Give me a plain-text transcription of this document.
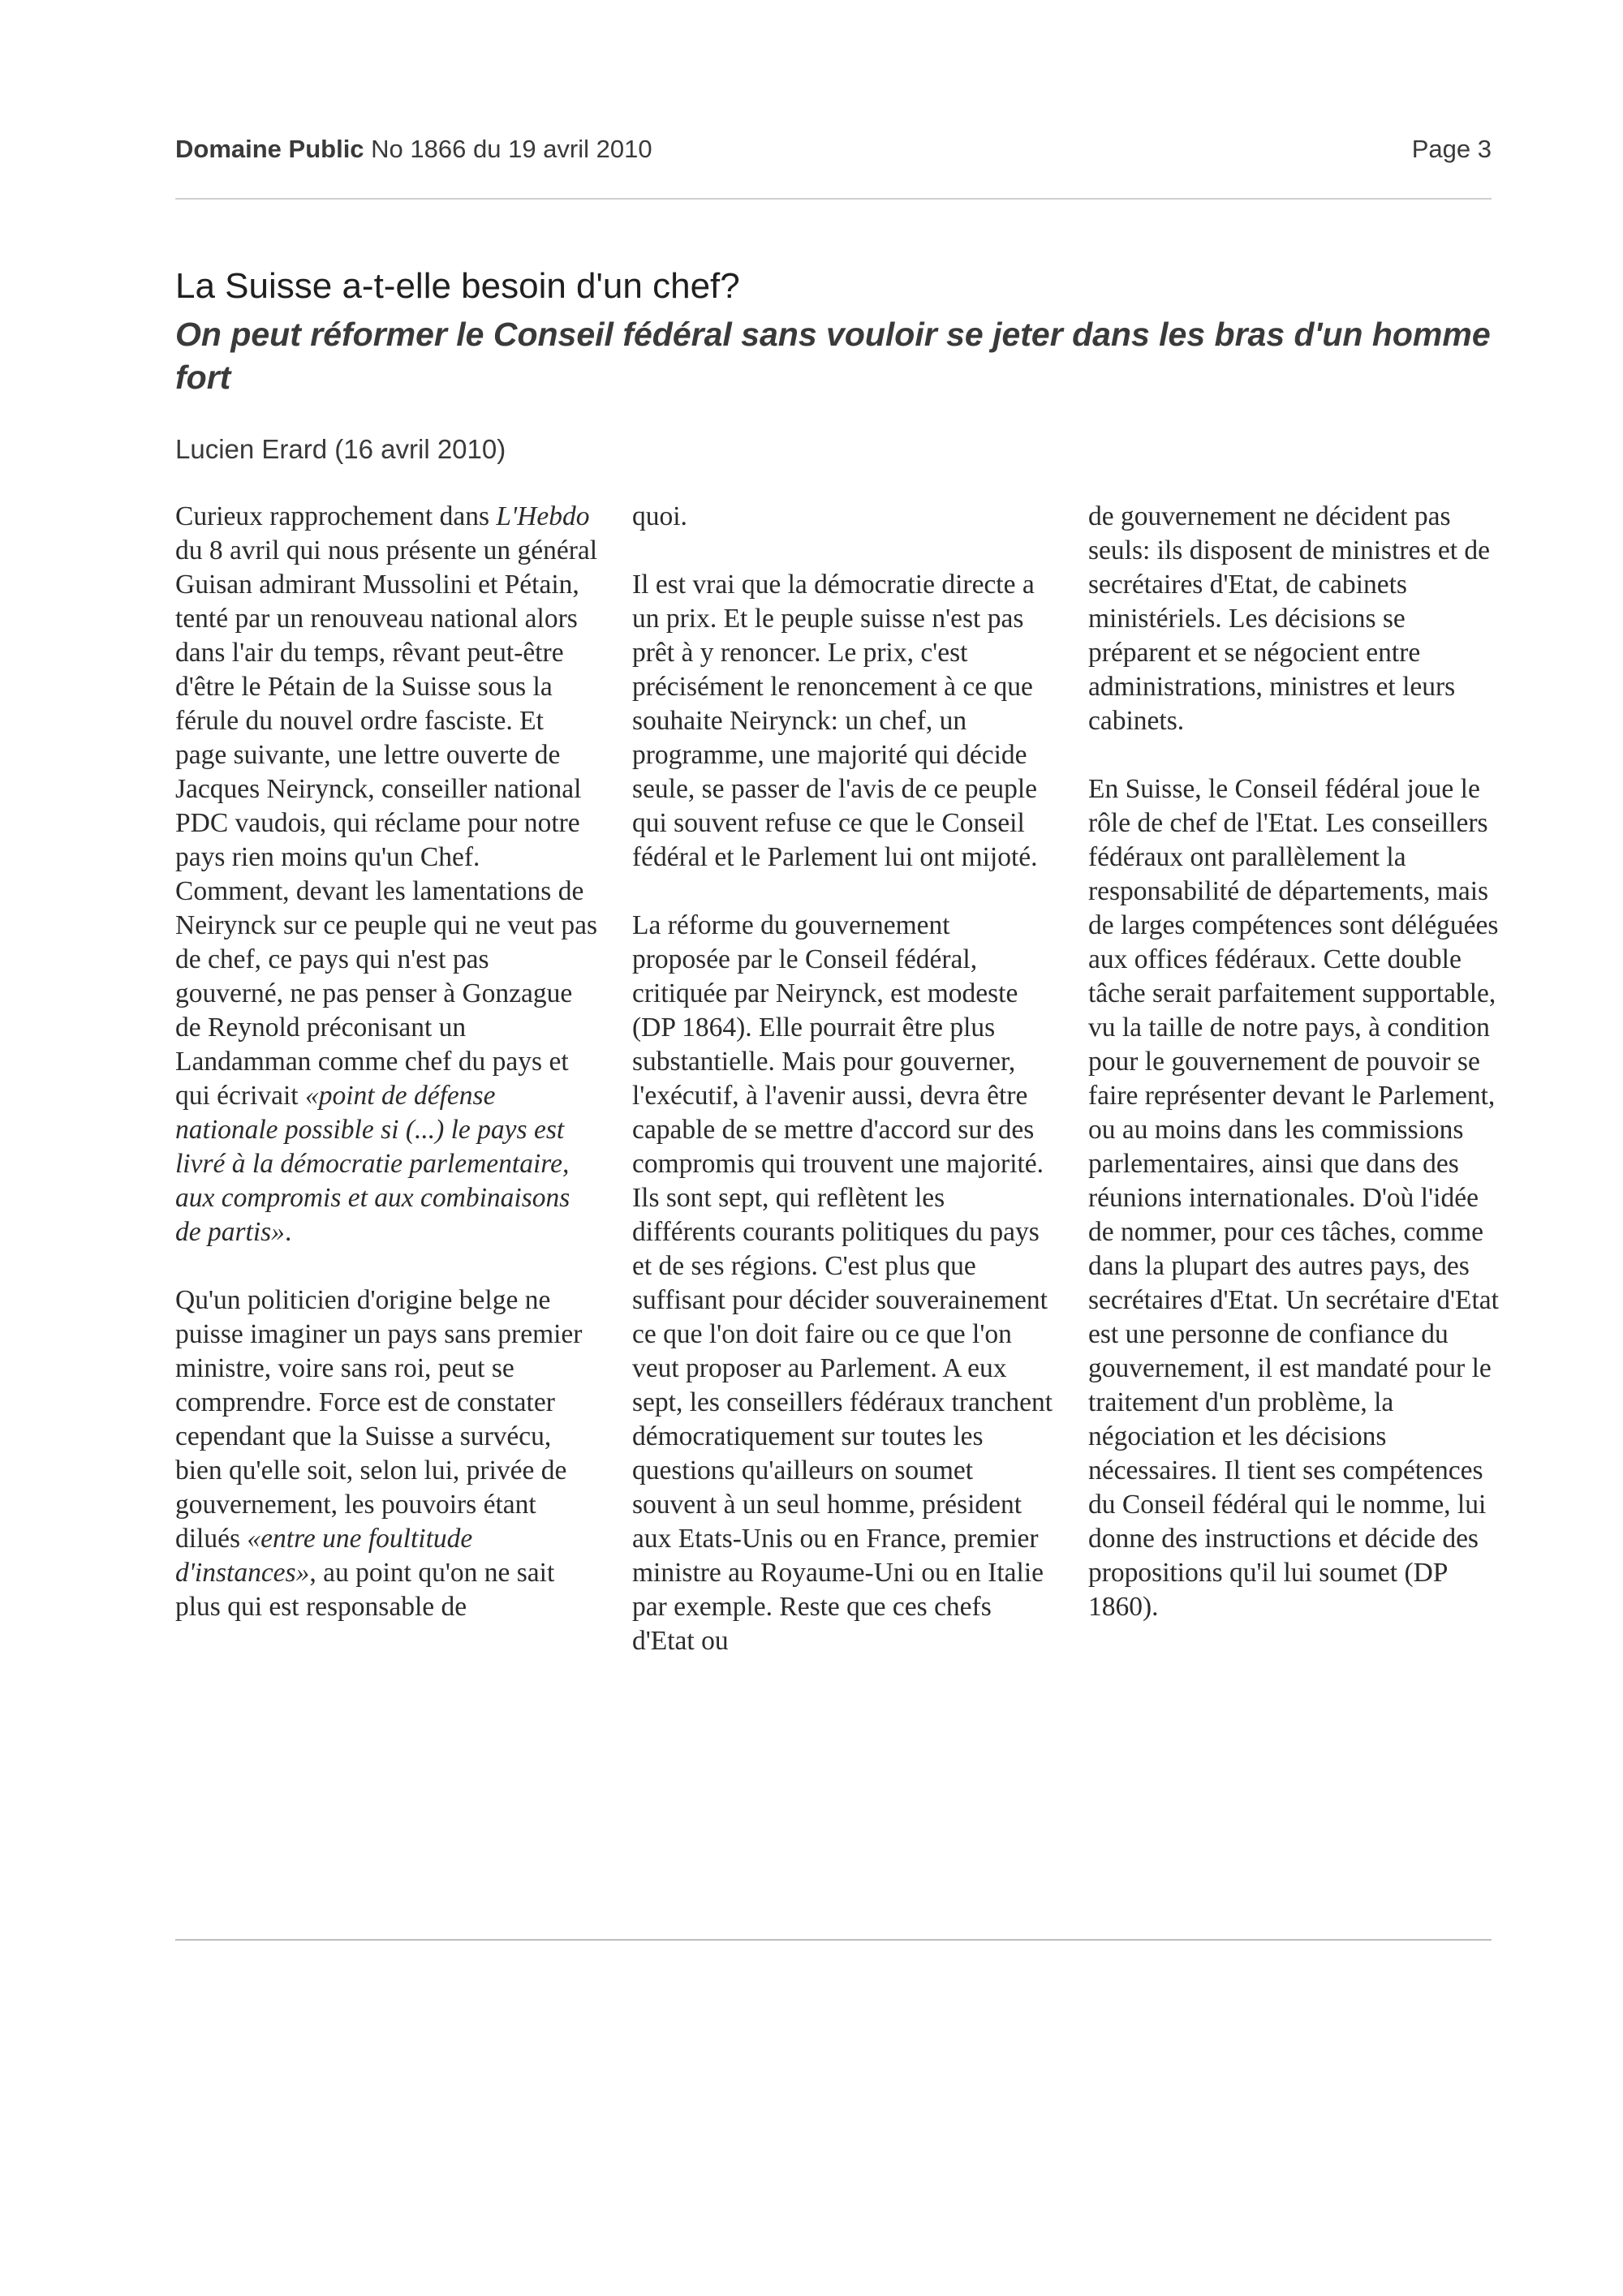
Domaine Public No 1866 du 19 avril 2010	Page 3
La Suisse a-t-elle besoin d'un chef?
On peut réformer le Conseil fédéral sans vouloir se jeter dans les bras d'un homme fort
Lucien Erard (16 avril 2010)

Curieux rapprochement dans L'Hebdo du 8 avril qui nous présente un général Guisan admirant Mussolini et Pétain, tenté par un renouveau national alors dans l'air du temps, rêvant peut-être d'être le Pétain de la Suisse sous la férule du nouvel ordre fasciste. Et page suivante, une lettre ouverte de Jacques Neirynck, conseiller national PDC vaudois, qui réclame pour notre pays rien moins qu'un Chef. Comment, devant les lamentations de Neirynck sur ce peuple qui ne veut pas de chef, ce pays qui n'est pas gouverné, ne pas penser à Gonzague de Reynold préconisant un Landamman comme chef du pays et qui écrivait «point de défense nationale possible si (...) le pays est livré à la démocratie parlementaire, aux compromis et aux combinaisons de partis».

Qu'un politicien d'origine belge ne puisse imaginer un pays sans premier ministre, voire sans roi, peut se comprendre. Force est de constater cependant que la Suisse a survécu, bien qu'elle soit, selon lui, privée de gouvernement, les pouvoirs étant dilués «entre une foultitude d'instances», au point qu'on ne sait plus qui est responsable de

quoi.

Il est vrai que la démocratie directe a un prix. Et le peuple suisse n'est pas prêt à y renoncer. Le prix, c'est précisément le renoncement à ce que souhaite Neirynck: un chef, un programme, une majorité qui décide seule, se passer de l'avis de ce peuple qui souvent refuse ce que le Conseil fédéral et le Parlement lui ont mijoté.

La réforme du gouvernement proposée par le Conseil fédéral, critiquée par Neirynck, est modeste (DP 1864). Elle pourrait être plus substantielle. Mais pour gouverner, l'exécutif, à l'avenir aussi, devra être capable de se mettre d'accord sur des compromis qui trouvent une majorité. Ils sont sept, qui reflètent les différents courants politiques du pays et de ses régions. C'est plus que suffisant pour décider souverainement ce que l'on doit faire ou ce que l'on veut proposer au Parlement. A eux sept, les conseillers fédéraux tranchent démocratiquement sur toutes les questions qu'ailleurs on soumet souvent à un seul homme, président aux Etats-Unis ou en France, premier ministre au Royaume-Uni ou en Italie par exemple. Reste que ces chefs d'Etat ou

de gouvernement ne décident pas seuls: ils disposent de ministres et de secrétaires d'Etat, de cabinets ministériels. Les décisions se préparent et se négocient entre administrations, ministres et leurs cabinets.

En Suisse, le Conseil fédéral joue le rôle de chef de l'Etat. Les conseillers fédéraux ont parallèlement la responsabilité de départements, mais de larges compétences sont déléguées aux offices fédéraux. Cette double tâche serait parfaitement supportable, vu la taille de notre pays, à condition pour le gouvernement de pouvoir se faire représenter devant le Parlement, ou au moins dans les commissions parlementaires, ainsi que dans des réunions internationales. D'où l'idée de nommer, pour ces tâches, comme dans la plupart des autres pays, des secrétaires d'Etat. Un secrétaire d'Etat est une personne de confiance du gouvernement, il est mandaté pour le traitement d'un problème, la négociation et les décisions nécessaires. Il tient ses compétences du Conseil fédéral qui le nomme, lui donne des instructions et décide des propositions qu'il lui soumet (DP 1860).
